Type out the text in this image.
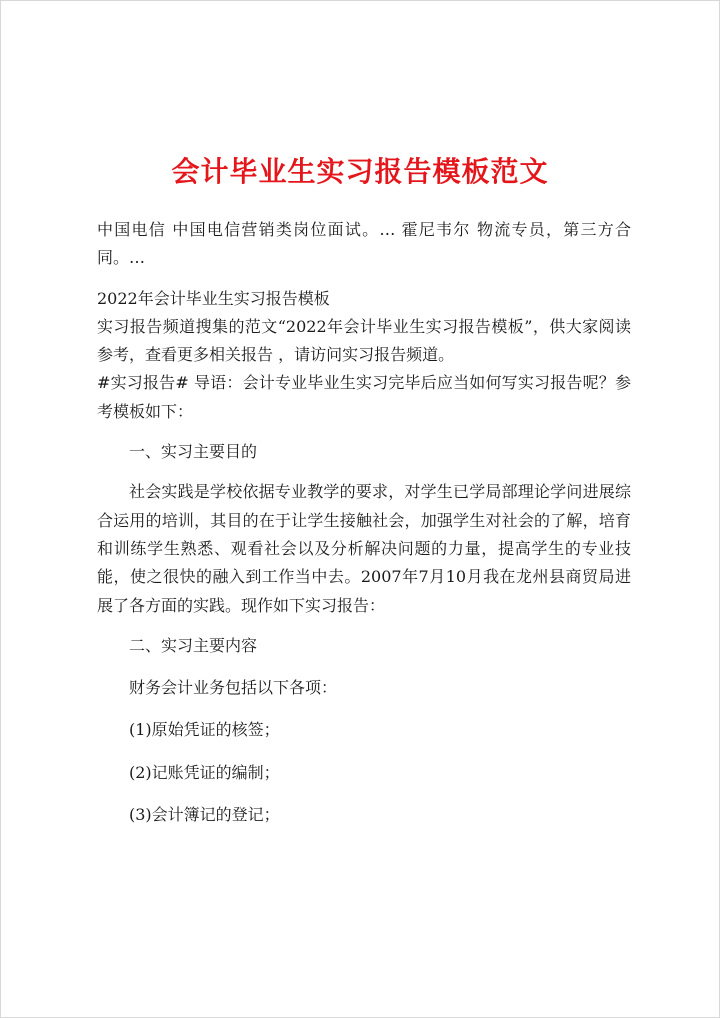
会计毕业生实习报告模板范文

中国电信 中国电信营销类岗位面试。… 霍尼韦尔 物流专员，第三方合同。…

2022年会计毕业生实习报告模板

实习报告频道搜集的范文“2022年会计毕业生实习报告模板”，供大家阅读参考，查看更多相关报告 ，请访问实习报告频道。

#实习报告# 导语：会计专业毕业生实习完毕后应当如何写实习报告呢？参考模板如下：

一、实习主要目的

社会实践是学校依据专业教学的要求，对学生已学局部理论学问进展综合运用的培训，其目的在于让学生接触社会，加强学生对社会的了解，培育和训练学生熟悉、观看社会以及分析解决问题的力量，提高学生的专业技能，使之很快的融入到工作当中去。2007年7月10月我在龙州县商贸局进展了各方面的实践。现作如下实习报告：

二、实习主要内容

财务会计业务包括以下各项：

(1)原始凭证的核签；

(2)记账凭证的编制；

(3)会计簿记的登记；
